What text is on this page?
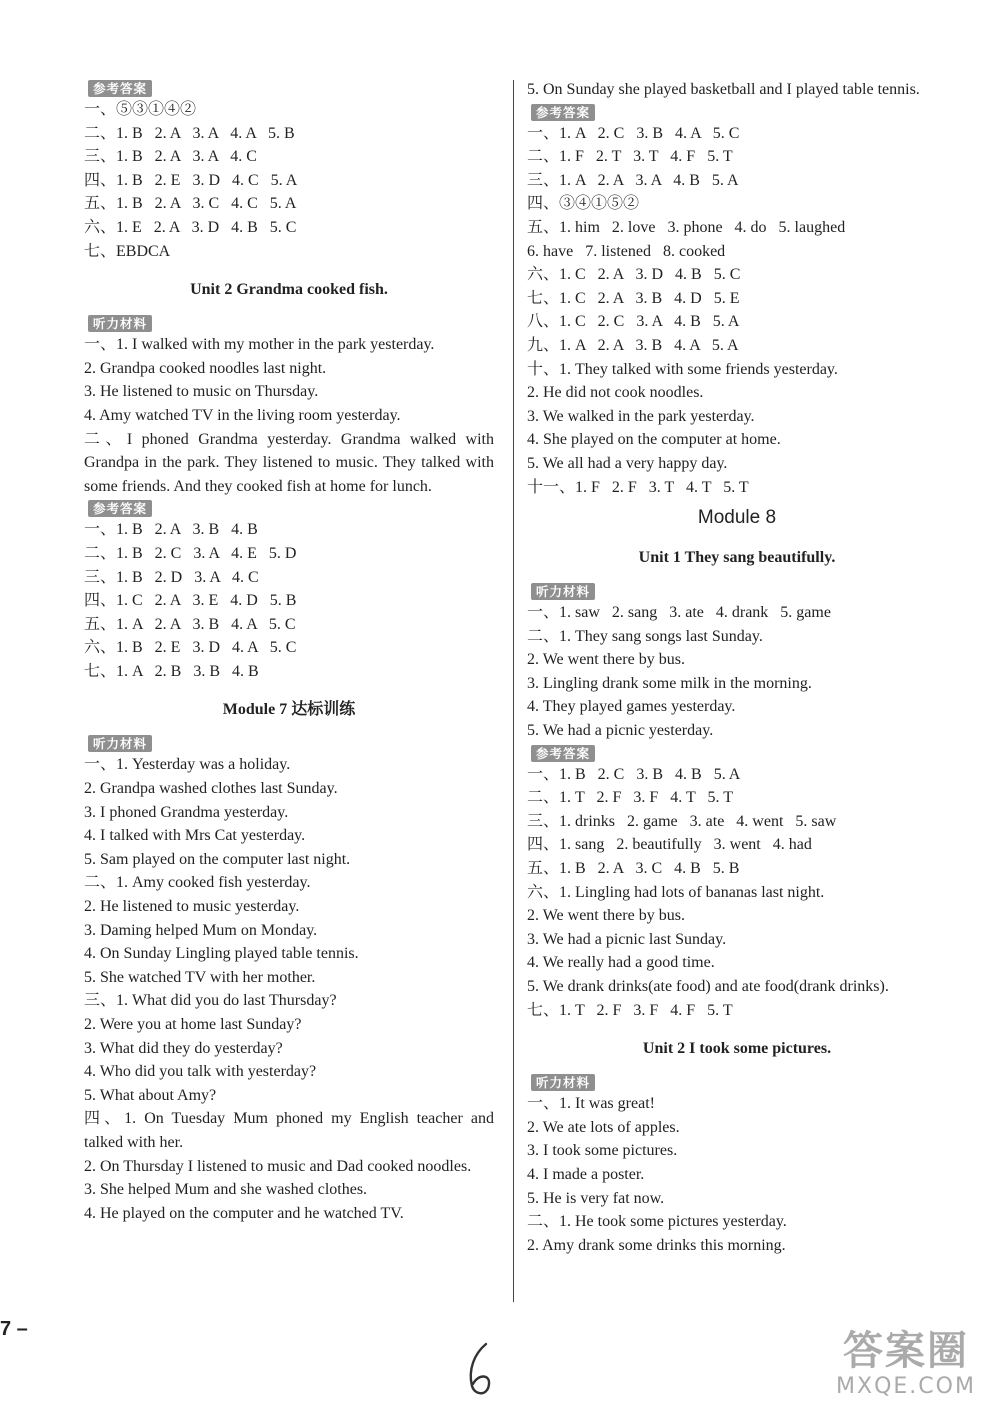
参考答案
一、⑤③①④②
二、1. B   2. A   3. A   4. A   5. B
三、1. B   2. A   3. A   4. C
四、1. B   2. E   3. D   4. C   5. A
五、1. B   2. A   3. C   4. C   5. A
六、1. E   2. A   3. D   4. B   5. C
七、EBDCA
Unit 2 Grandma cooked fish.
听力材料
一、1. I walked with my mother in the park yesterday.
2. Grandpa cooked noodles last night.
3. He listened to music on Thursday.
4. Amy watched TV in the living room yesterday.
二、I phoned Grandma yesterday. Grandma walked with Grandpa in the park. They listened to music. They talked with some friends. And they cooked fish at home for lunch.
参考答案
一、1. B   2. A   3. B   4. B
二、1. B   2. C   3. A   4. E   5. D
三、1. B   2. D   3. A   4. C
四、1. C   2. A   3. E   4. D   5. B
五、1. A   2. A   3. B   4. A   5. C
六、1. B   2. E   3. D   4. A   5. C
七、1. A   2. B   3. B   4. B
Module 7 达标训练
听力材料
一、1. Yesterday was a holiday.
2. Grandpa washed clothes last Sunday.
3. I phoned Grandma yesterday.
4. I talked with Mrs Cat yesterday.
5. Sam played on the computer last night.
二、1. Amy cooked fish yesterday.
2. He listened to music yesterday.
3. Daming helped Mum on Monday.
4. On Sunday Lingling played table tennis.
5. She watched TV with her mother.
三、1. What did you do last Thursday?
2. Were you at home last Sunday?
3. What did they do yesterday?
4. Who did you talk with yesterday?
5. What about Amy?
四、1. On Tuesday Mum phoned my English teacher and talked with her.
2. On Thursday I listened to music and Dad cooked noodles.
3. She helped Mum and she washed clothes.
4. He played on the computer and he watched TV.
5. On Sunday she played basketball and I played table tennis.
参考答案
一、1. A   2. C   3. B   4. A   5. C
二、1. F   2. T   3. T   4. F   5. T
三、1. A   2. A   3. A   4. B   5. A
四、③④①⑤②
五、1. him   2. love   3. phone   4. do   5. laughed
6. have   7. listened   8. cooked
六、1. C   2. A   3. D   4. B   5. C
七、1. C   2. A   3. B   4. D   5. E
八、1. C   2. C   3. A   4. B   5. A
九、1. A   2. A   3. B   4. A   5. A
十、1. They talked with some friends yesterday.
2. He did not cook noodles.
3. We walked in the park yesterday.
4. She played on the computer at home.
5. We all had a very happy day.
十一、1. F   2. F   3. T   4. T   5. T
Module 8
Unit 1 They sang beautifully.
听力材料
一、1. saw   2. sang   3. ate   4. drank   5. game
二、1. They sang songs last Sunday.
2. We went there by bus.
3. Lingling drank some milk in the morning.
4. They played games yesterday.
5. We had a picnic yesterday.
参考答案
一、1. B   2. C   3. B   4. B   5. A
二、1. T   2. F   3. F   4. T   5. T
三、1. drinks   2. game   3. ate   4. went   5. saw
四、1. sang   2. beautifully   3. went   4. had
五、1. B   2. A   3. C   4. B   5. B
六、1. Lingling had lots of bananas last night.
2. We went there by bus.
3. We had a picnic last Sunday.
4. We really had a good time.
5. We drank drinks(ate food) and ate food(drank drinks).
七、1. T   2. F   3. F   4. F   5. T
Unit 2 I took some pictures.
听力材料
一、1. It was great!
2. We ate lots of apples.
3. I took some pictures.
4. I made a poster.
5. He is very fat now.
二、1. He took some pictures yesterday.
2. Amy drank some drinks this morning.
7 –	答案圈
MXQE.COM
